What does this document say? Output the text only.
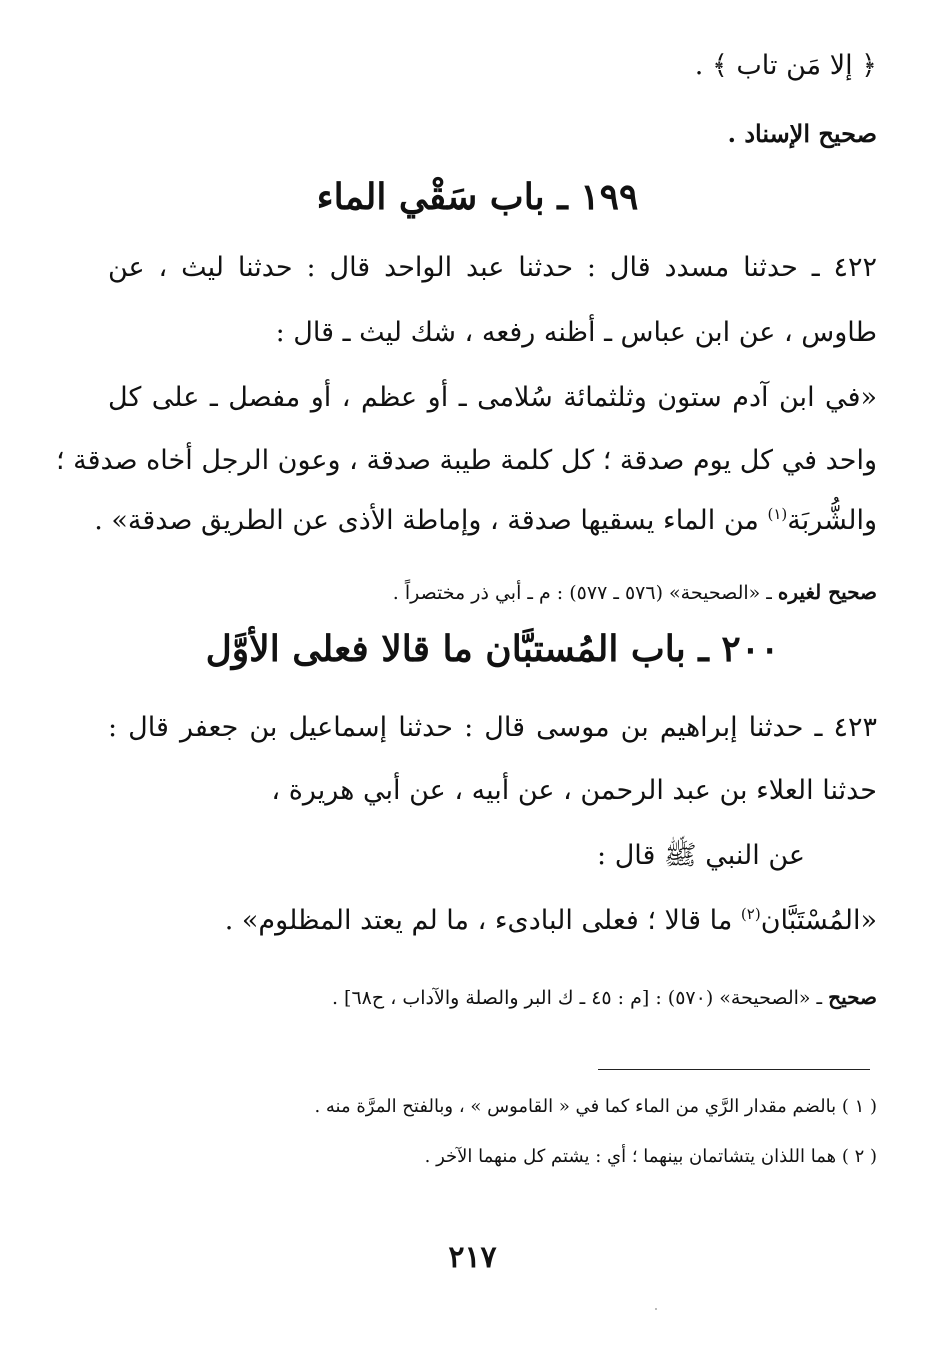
﴿ إلا مَن تاب ﴾ .
صحيح الإسناد .
١٩٩ ـ باب سَقْي الماء
٤٢٢ ـ حدثنا مسدد قال : حدثنا عبد الواحد قال : حدثنا ليث ، عن
طاوس ، عن ابن عباس ـ أظنه رفعه ، شك ليث ـ قال :
«في ابن آدم ستون وثلثمائة سُلامى ـ أو عظم ، أو مفصل ـ على كل
واحد في كل يوم صدقة ؛ كل كلمة طيبة صدقة ، وعون الرجل أخاه صدقة ؛
والشُّربَة$^{(١)}$ من الماء يسقيها صدقة ، وإماطة الأذى عن الطريق صدقة» .
صحيح لغيره ـ «الصحيحة» (٥٧٦ ـ ٥٧٧) : م ـ أبي ذر مختصراً .
٢٠٠ ـ باب المُستبَّان ما قالا فعلى الأوَّل
٤٢٣ ـ حدثنا إبراهيم بن موسى قال : حدثنا إسماعيل بن جعفر قال :
حدثنا العلاء بن عبد الرحمن ، عن أبيه ، عن أبي هريرة ،
عن النبي ﷺ قال :
«المُسْتَبَّان$^{(٢)}$ ما قالا ؛ فعلى البادىء ، ما لم يعتد المظلوم» .
صحيح ـ «الصحيحة» (٥٧٠) : [م : ٤٥ ـ ك البر والصلة والآداب ، ح٦٨] .
( ١ ) بالضم مقدار الرَّي من الماء كما في « القاموس » ، وبالفتح المرَّة منه .
( ٢ ) هما اللذان يتشاتمان بينهما ؛ أي : يشتم كل منهما الآخر .
٢١٧
